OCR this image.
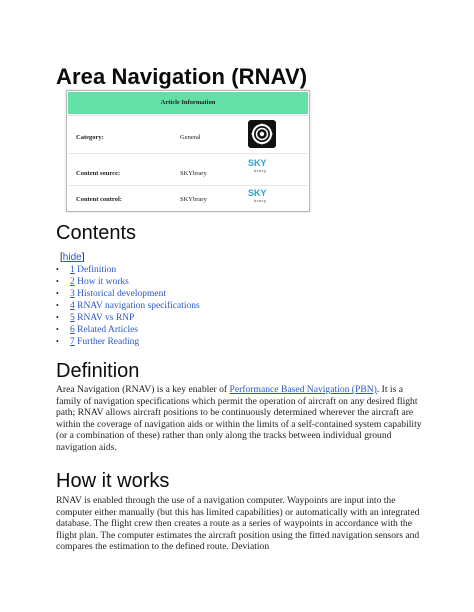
Area Navigation (RNAV)
Article Information
Category:	General
Content source:	SKYbrary
SKY
brary
Content control:	SKYbrary
SKY
brary
Contents
[hide]
• 1 Definition
• 2 How it works
• 3 Historical development
• 4 RNAV navigation specifications
• 5 RNAV vs RNP
• 6 Related Articles
• 7 Further Reading
Definition

Area Navigation (RNAV) is a key enabler of Performance Based Navigation (PBN). It is a family of navigation specifications which permit the operation of aircraft on any desired flight path; RNAV allows aircraft positions to be continuously determined wherever the aircraft are within the coverage of navigation aids or within the limits of a self-contained system capability (or a combination of these) rather than only along the tracks between individual ground navigation aids.

How it works

RNAV is enabled through the use of a navigation computer. Waypoints are input into the computer either manually (but this has limited capabilities) or automatically with an integrated database. The flight crew then creates a route as a series of waypoints in accordance with the flight plan. The computer estimates the aircraft position using the fitted navigation sensors and compares the estimation to the defined route. Deviation
